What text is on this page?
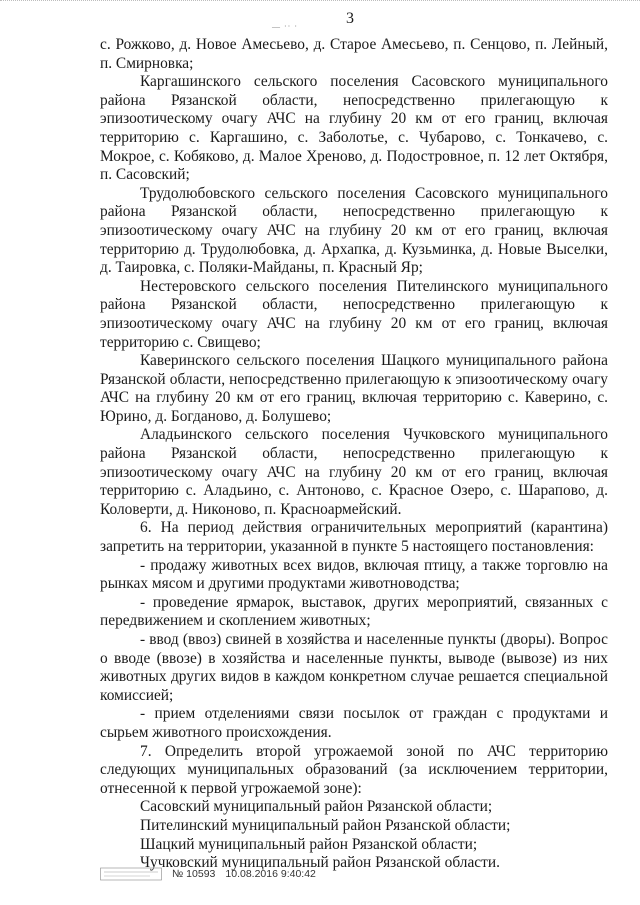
3
— ·· ·

с. Рожково, д. Новое Амесьево, д. Старое Амесьево, п. Сенцово, п. Лейный, п. Смирновка;

Каргашинского сельского поселения Сасовского муниципального района Рязанской области, непосредственно прилегающую к эпизоотическому очагу АЧС на глубину 20 км от его границ, включая территорию с. Каргашино, с. Заболотье, с. Чубарово, с. Тонкачево, с. Мокрое, с. Кобяково, д. Малое Хреново, д. Подостровное, п. 12 лет Октября, п. Сасовский;

Трудолюбовского сельского поселения Сасовского муниципального района Рязанской области, непосредственно прилегающую к эпизоотическому очагу АЧС на глубину 20 км от его границ, включая территорию д. Трудолюбовка, д. Архапка, д. Кузьминка, д. Новые Выселки, д. Таировка, с. Поляки-Майданы, п. Красный Яр;

Нестеровского сельского поселения Пителинского муниципального района Рязанской области, непосредственно прилегающую к эпизоотическому очагу АЧС на глубину 20 км от его границ, включая территорию с. Свищево;

Каверинского сельского поселения Шацкого муниципального района Рязанской области, непосредственно прилегающую к эпизоотическому очагу АЧС на глубину 20 км от его границ, включая территорию с. Каверино, с. Юрино, д. Богданово, д. Болушево;

Аладьинского сельского поселения Чучковского муниципального района Рязанской области, непосредственно прилегающую к эпизоотическому очагу АЧС на глубину 20 км от его границ, включая территорию с. Аладьино, с. Антоново, с. Красное Озеро, с. Шарапово, д. Коловерти, д. Никоново, п. Красноармейский.

6. На период действия ограничительных мероприятий (карантина) запретить на территории, указанной в пункте 5 настоящего постановления:

- продажу животных всех видов, включая птицу, а также торговлю на рынках мясом и другими продуктами животноводства;

- проведение ярмарок, выставок, других мероприятий, связанных с передвижением и скоплением животных;

- ввод (ввоз) свиней в хозяйства и населенные пункты (дворы). Вопрос о вводе (ввозе) в хозяйства и населенные пункты, выводе (вывозе) из них животных других видов в каждом конкретном случае решается специальной комиссией;

- прием отделениями связи посылок от граждан с продуктами и сырьем животного происхождения.

7. Определить второй угрожаемой зоной по АЧС территорию следующих муниципальных образований (за исключением территории, отнесенной к первой угрожаемой зоне):

Сасовский муниципальный район Рязанской области;

Пителинский муниципальный район Рязанской области;

Шацкий муниципальный район Рязанской области;

Чучковский муниципальный район Рязанской области.

№ 10593 10.08.2016 9:40:42
